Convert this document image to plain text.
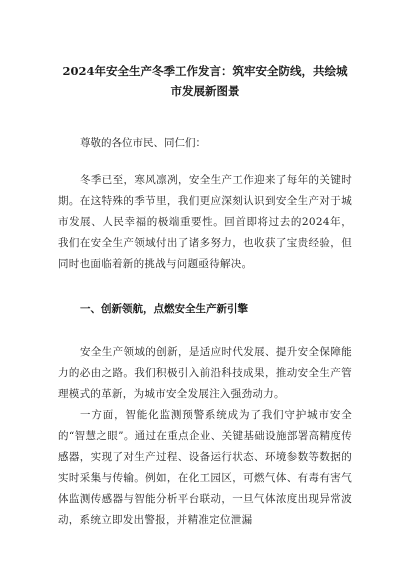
2024年安全生产冬季工作发言：筑牢安全防线，共绘城市发展新图景
尊敬的各位市民、同仁们：
冬季已至，寒风凛冽，安全生产工作迎来了每年的关键时期。在这特殊的季节里，我们更应深刻认识到安全生产对于城市发展、人民幸福的极端重要性。回首即将过去的2024年，我们在安全生产领域付出了诸多努力，也收获了宝贵经验，但同时也面临着新的挑战与问题亟待解决。
一、创新领航，点燃安全生产新引擎
安全生产领域的创新，是适应时代发展、提升安全保障能力的必由之路。我们积极引入前沿科技成果，推动安全生产管理模式的革新，为城市安全发展注入强劲动力。
一方面，智能化监测预警系统成为了我们守护城市安全的“智慧之眼”。通过在重点企业、关键基础设施部署高精度传感器，实现了对生产过程、设备运行状态、环境参数等数据的实时采集与传输。例如，在化工园区，可燃气体、有毒有害气体监测传感器与智能分析平台联动，一旦气体浓度出现异常波动，系统立即发出警报，并精准定位泄漏
